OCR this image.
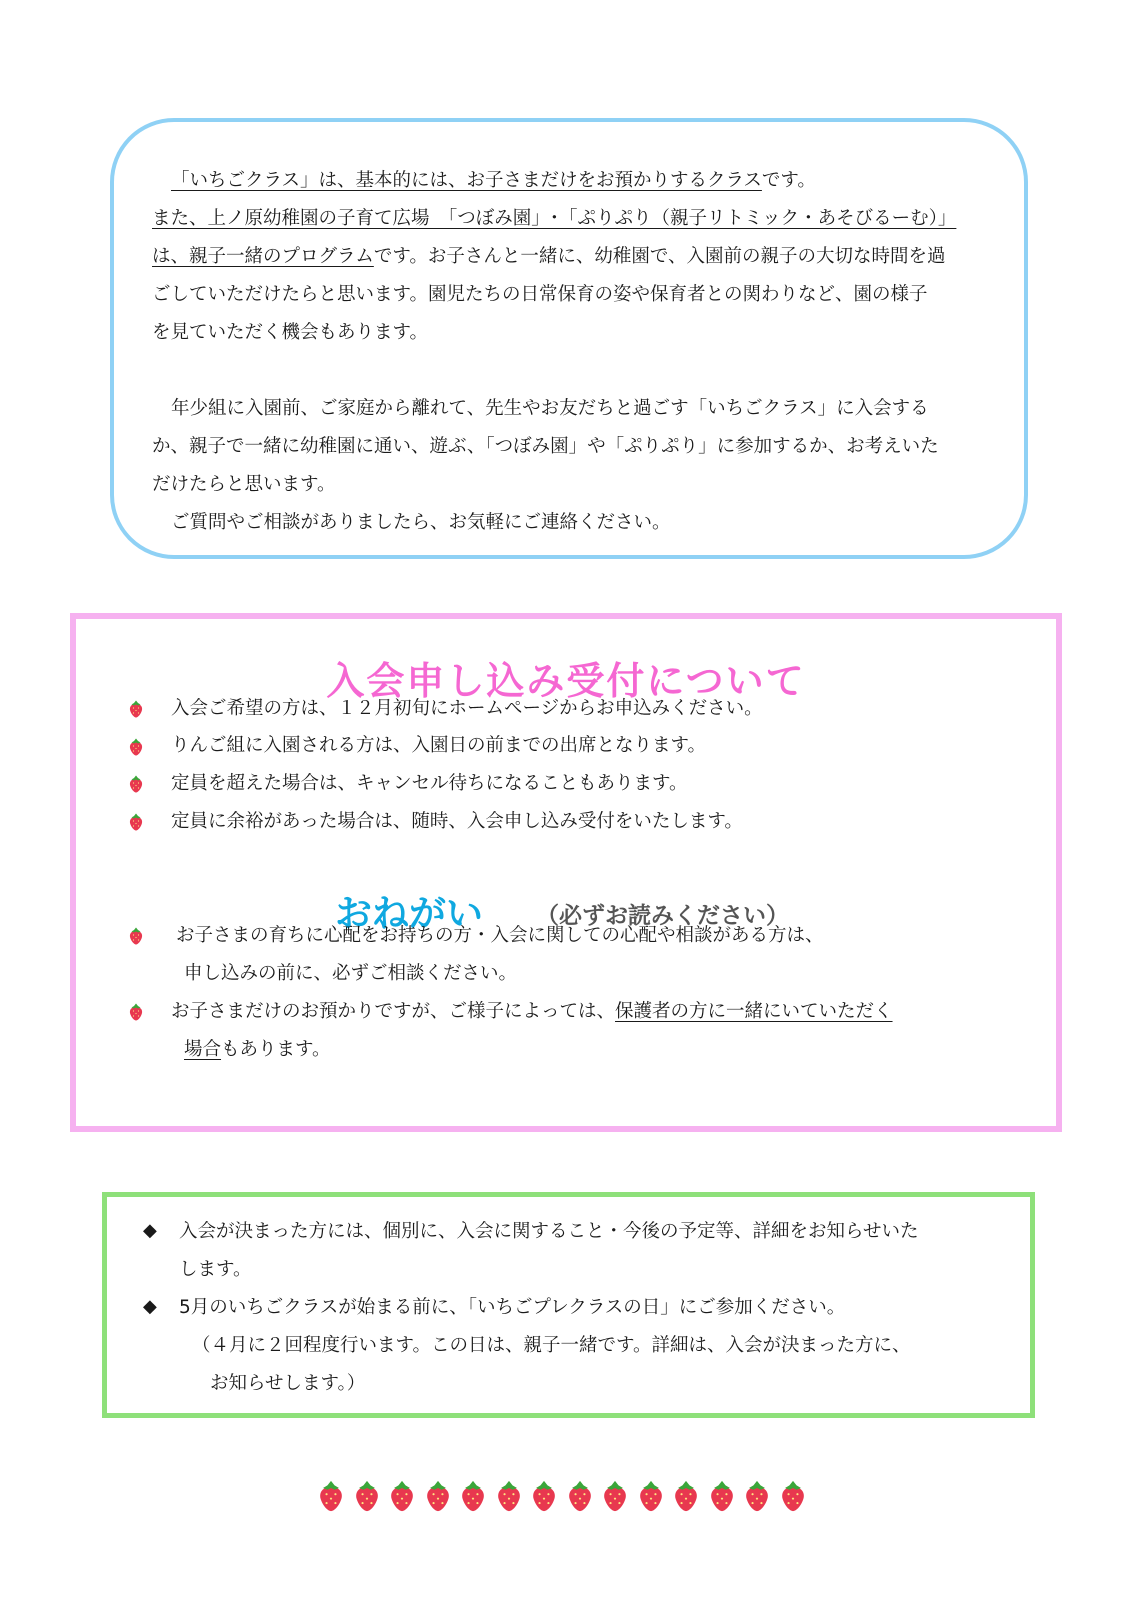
「いちごクラス」は、基本的には、お子さまだけをお預かりするクラスです。

また、上ノ原幼稚園の子育て広場　「つぼみ園」･「ぷりぷり（親子リトミック・あそびるーむ）」

は、親子一緒のプログラムです。お子さんと一緒に、幼稚園で、入園前の親子の大切な時間を過

ごしていただけたらと思います。園児たちの日常保育の姿や保育者との関わりなど、園の様子

を見ていただく機会もあります。

年少組に入園前、ご家庭から離れて、先生やお友だちと過ごす「いちごクラス」に入会する

か、親子で一緒に幼稚園に通い、遊ぶ、「つぼみ園」や「ぷりぷり」に参加するか、お考えいた

だけたらと思います。

ご質問やご相談がありましたら、お気軽にご連絡ください。

入会申し込み受付について
入会ご希望の方は、１２月初旬にホームページからお申込みください。
りんご組に入園される方は、入園日の前までの出席となります。
定員を超えた場合は、キャンセル待ちになることもあります。
定員に余裕があった場合は、随時、入会申し込み受付をいたします。
おねがい （必ずお読みください）
お子さまの育ちに心配をお持ちの方・入会に関しての心配や相談がある方は、
申し込みの前に、必ずご相談ください。
お子さまだけのお預かりですが、ご様子によっては、保護者の方に一緒にいていただく
場合もあります。
◆ 入会が決まった方には、個別に、入会に関すること・今後の予定等、詳細をお知らせいた
します。
◆ 5月のいちごクラスが始まる前に、「いちごプレクラスの日」にご参加ください。
（４月に２回程度行います。この日は、親子一緒です。詳細は、入会が決まった方に、
お知らせします。）
